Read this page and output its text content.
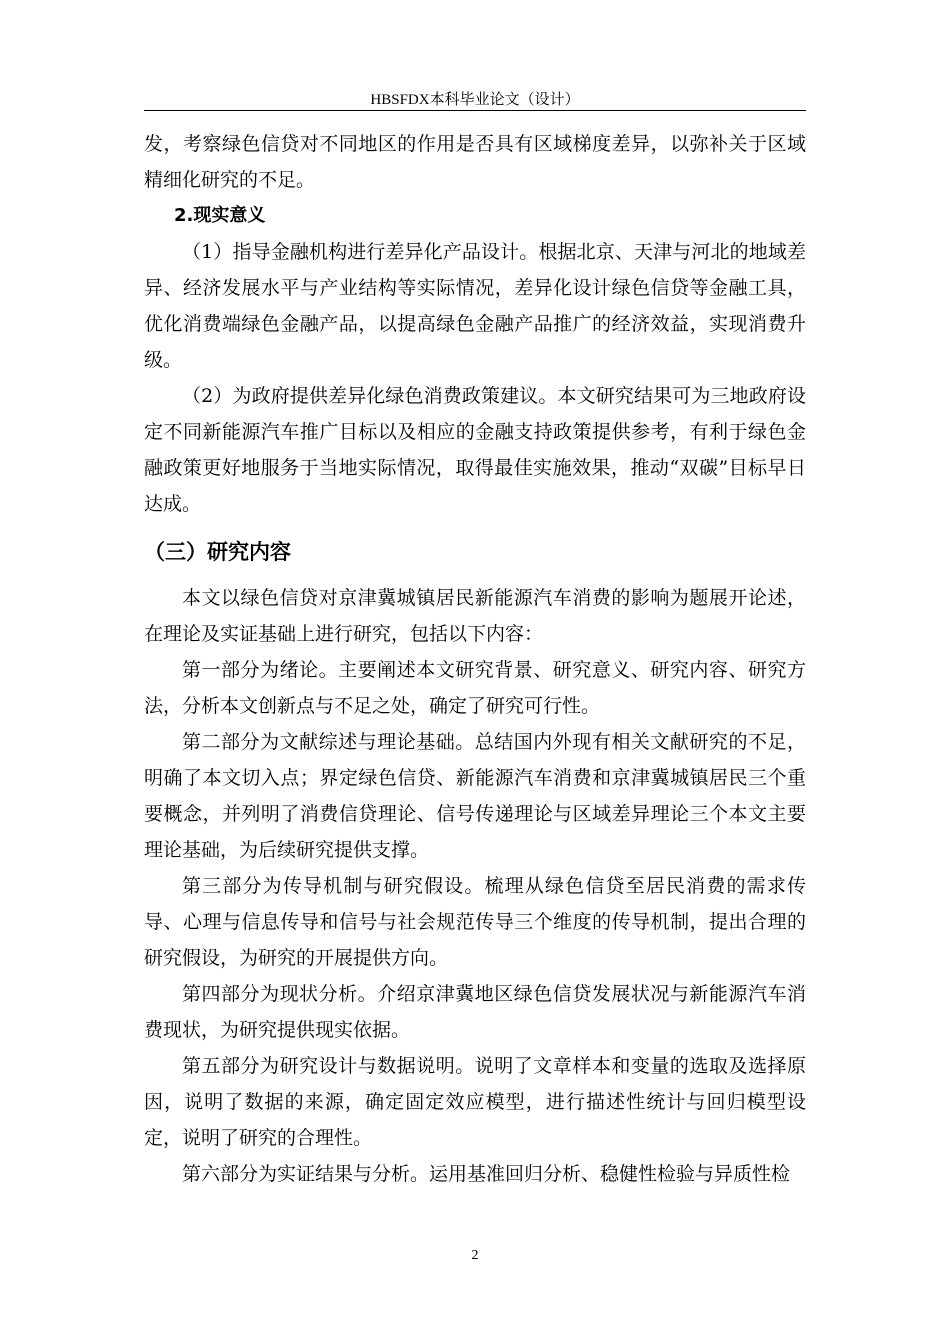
HBSFDX本科毕业论文（设计）

发，考察绿色信贷对不同地区的作用是否具有区域梯度差异，以弥补关于区域精细化研究的不足。

2.现实意义

（1）指导金融机构进行差异化产品设计。根据北京、天津与河北的地域差异、经济发展水平与产业结构等实际情况，差异化设计绿色信贷等金融工具，优化消费端绿色金融产品，以提高绿色金融产品推广的经济效益，实现消费升级。

（2）为政府提供差异化绿色消费政策建议。本文研究结果可为三地政府设定不同新能源汽车推广目标以及相应的金融支持政策提供参考，有利于绿色金融政策更好地服务于当地实际情况，取得最佳实施效果，推动“双碳”目标早日达成。

（三）研究内容

本文以绿色信贷对京津冀城镇居民新能源汽车消费的影响为题展开论述，在理论及实证基础上进行研究，包括以下内容：

第一部分为绪论。主要阐述本文研究背景、研究意义、研究内容、研究方法，分析本文创新点与不足之处，确定了研究可行性。

第二部分为文献综述与理论基础。总结国内外现有相关文献研究的不足，明确了本文切入点；界定绿色信贷、新能源汽车消费和京津冀城镇居民三个重要概念，并列明了消费信贷理论、信号传递理论与区域差异理论三个本文主要理论基础，为后续研究提供支撑。

第三部分为传导机制与研究假设。梳理从绿色信贷至居民消费的需求传导、心理与信息传导和信号与社会规范传导三个维度的传导机制，提出合理的研究假设，为研究的开展提供方向。

第四部分为现状分析。介绍京津冀地区绿色信贷发展状况与新能源汽车消费现状，为研究提供现实依据。

第五部分为研究设计与数据说明。说明了文章样本和变量的选取及选择原因，说明了数据的来源，确定固定效应模型，进行描述性统计与回归模型设定，说明了研究的合理性。

第六部分为实证结果与分析。运用基准回归分析、稳健性检验与异质性检

2
